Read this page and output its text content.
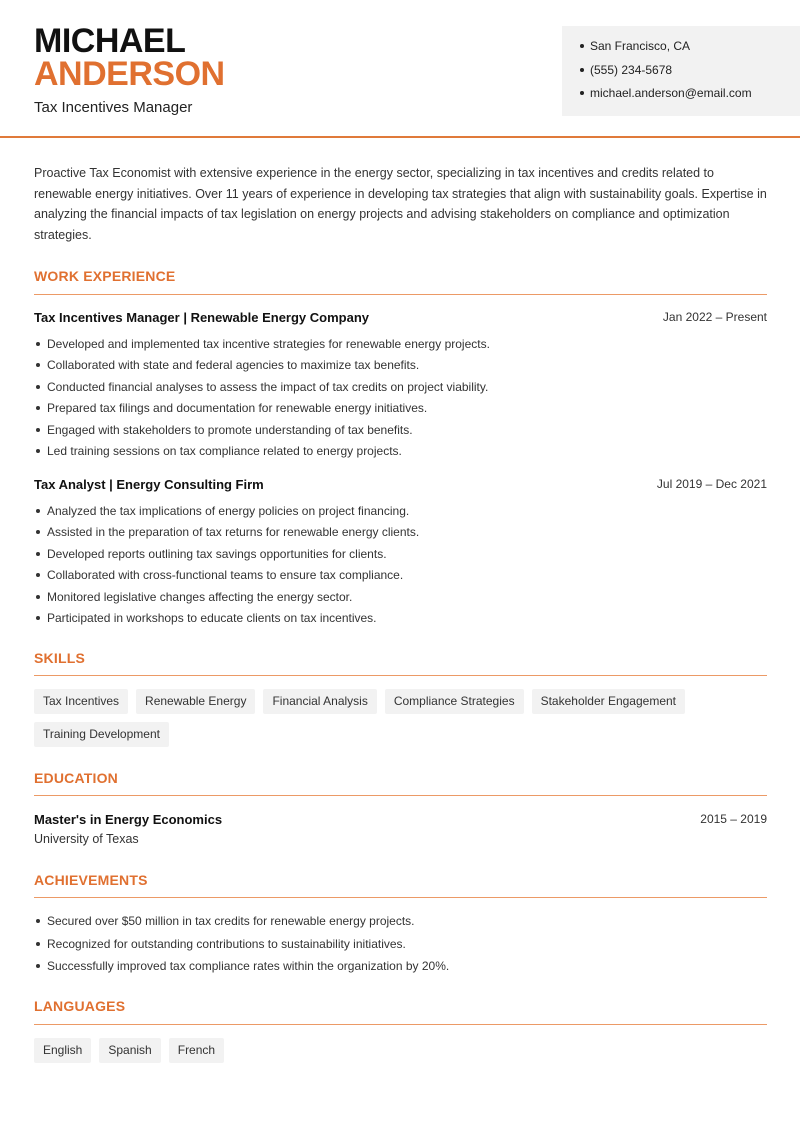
MICHAEL
ANDERSON
Tax Incentives Manager
San Francisco, CA
(555) 234-5678
michael.anderson@email.com

Proactive Tax Economist with extensive experience in the energy sector, specializing in tax incentives and credits related to renewable energy initiatives. Over 11 years of experience in developing tax strategies that align with sustainability goals. Expertise in analyzing the financial impacts of tax legislation on energy projects and advising stakeholders on compliance and optimization strategies.

WORK EXPERIENCE
Tax Incentives Manager | Renewable Energy Company	Jan 2022 – Present
Developed and implemented tax incentive strategies for renewable energy projects.
Collaborated with state and federal agencies to maximize tax benefits.
Conducted financial analyses to assess the impact of tax credits on project viability.
Prepared tax filings and documentation for renewable energy initiatives.
Engaged with stakeholders to promote understanding of tax benefits.
Led training sessions on tax compliance related to energy projects.
Tax Analyst | Energy Consulting Firm	Jul 2019 – Dec 2021
Analyzed the tax implications of energy policies on project financing.
Assisted in the preparation of tax returns for renewable energy clients.
Developed reports outlining tax savings opportunities for clients.
Collaborated with cross-functional teams to ensure tax compliance.
Monitored legislative changes affecting the energy sector.
Participated in workshops to educate clients on tax incentives.
SKILLS
Tax Incentives	Renewable Energy	Financial Analysis	Compliance Strategies	Stakeholder Engagement
Training Development
EDUCATION
Master's in Energy Economics	2015 – 2019
University of Texas
ACHIEVEMENTS
Secured over $50 million in tax credits for renewable energy projects.
Recognized for outstanding contributions to sustainability initiatives.
Successfully improved tax compliance rates within the organization by 20%.
LANGUAGES
English	Spanish	French
